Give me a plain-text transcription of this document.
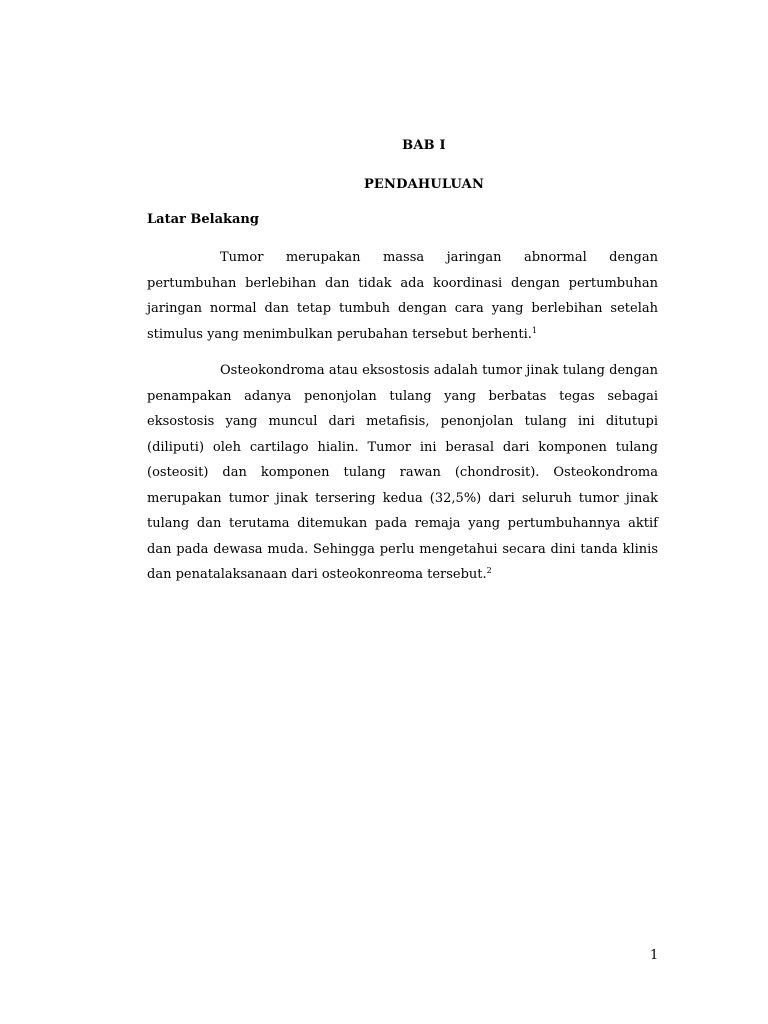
BAB I
PENDAHULUAN
Latar Belakang

Tumor merupakan massa jaringan abnormal dengan pertumbuhan berlebihan dan tidak ada koordinasi dengan pertumbuhan jaringan normal dan tetap tumbuh dengan cara yang berlebihan setelah stimulus yang menimbulkan perubahan tersebut berhenti.$^1$

Osteokondroma atau eksostosis adalah tumor jinak tulang dengan penampakan adanya penonjolan tulang yang berbatas tegas sebagai eksostosis yang muncul dari metafisis, penonjolan tulang ini ditutupi (diliputi) oleh cartilago hialin. Tumor ini berasal dari komponen tulang (osteosit) dan komponen tulang rawan (chondrosit). Osteokondroma merupakan tumor jinak tersering kedua (32,5%) dari seluruh tumor jinak tulang dan terutama ditemukan pada remaja yang pertumbuhannya aktif dan pada dewasa muda. Sehingga perlu mengetahui secara dini tanda klinis dan penatalaksanaan dari osteokonreoma tersebut.$^2$

1
